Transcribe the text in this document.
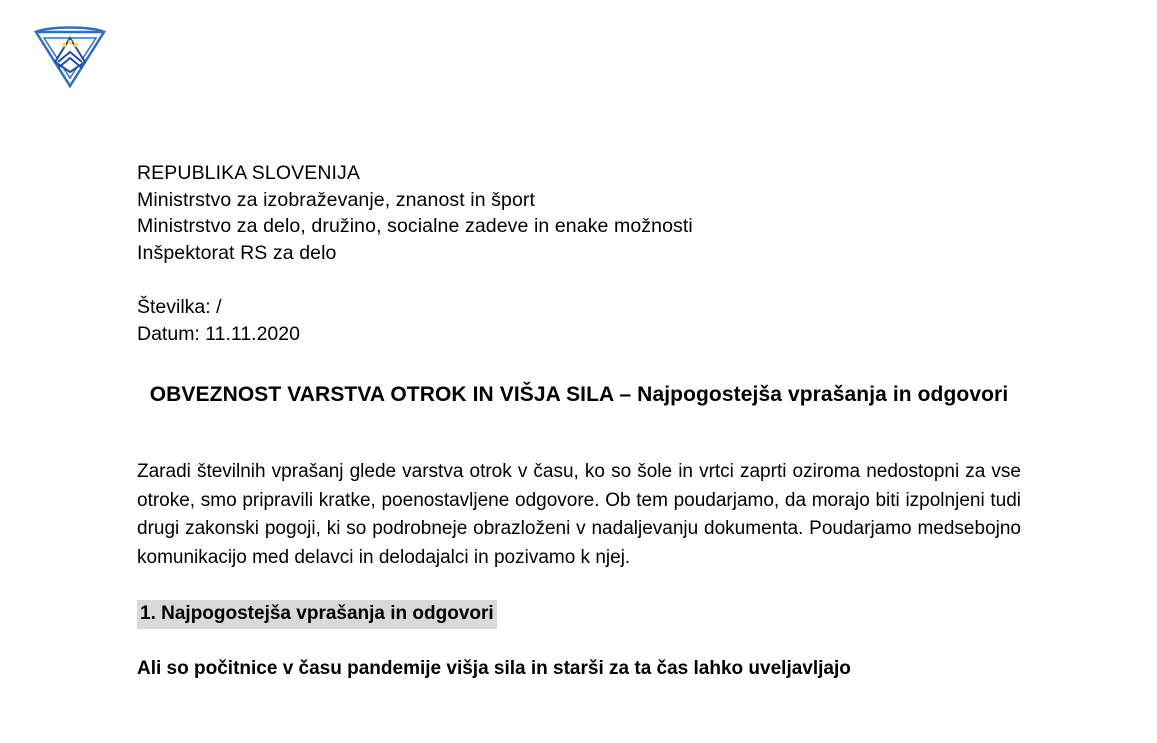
REPUBLIKA SLOVENIJA
Ministrstvo za izobraževanje, znanost in šport
Ministrstvo za delo, družino, socialne zadeve in enake možnosti
Inšpektorat RS za delo
Številka: /
Datum: 11.11.2020
OBVEZNOST VARSTVA OTROK IN VIŠJA SILA – Najpogostejša vprašanja in odgovori
Zaradi številnih vprašanj glede varstva otrok v času, ko so šole in vrtci zaprti oziroma nedostopni za vse otroke, smo pripravili kratke, poenostavljene odgovore. Ob tem poudarjamo, da morajo biti izpolnjeni tudi drugi zakonski pogoji, ki so podrobneje obrazloženi v nadaljevanju dokumenta. Poudarjamo medsebojno komunikacijo med delavci in delodajalci in pozivamo k njej.
1. Najpogostejša vprašanja in odgovori
Ali so počitnice v času pandemije višja sila in starši za ta čas lahko uveljavljajo
